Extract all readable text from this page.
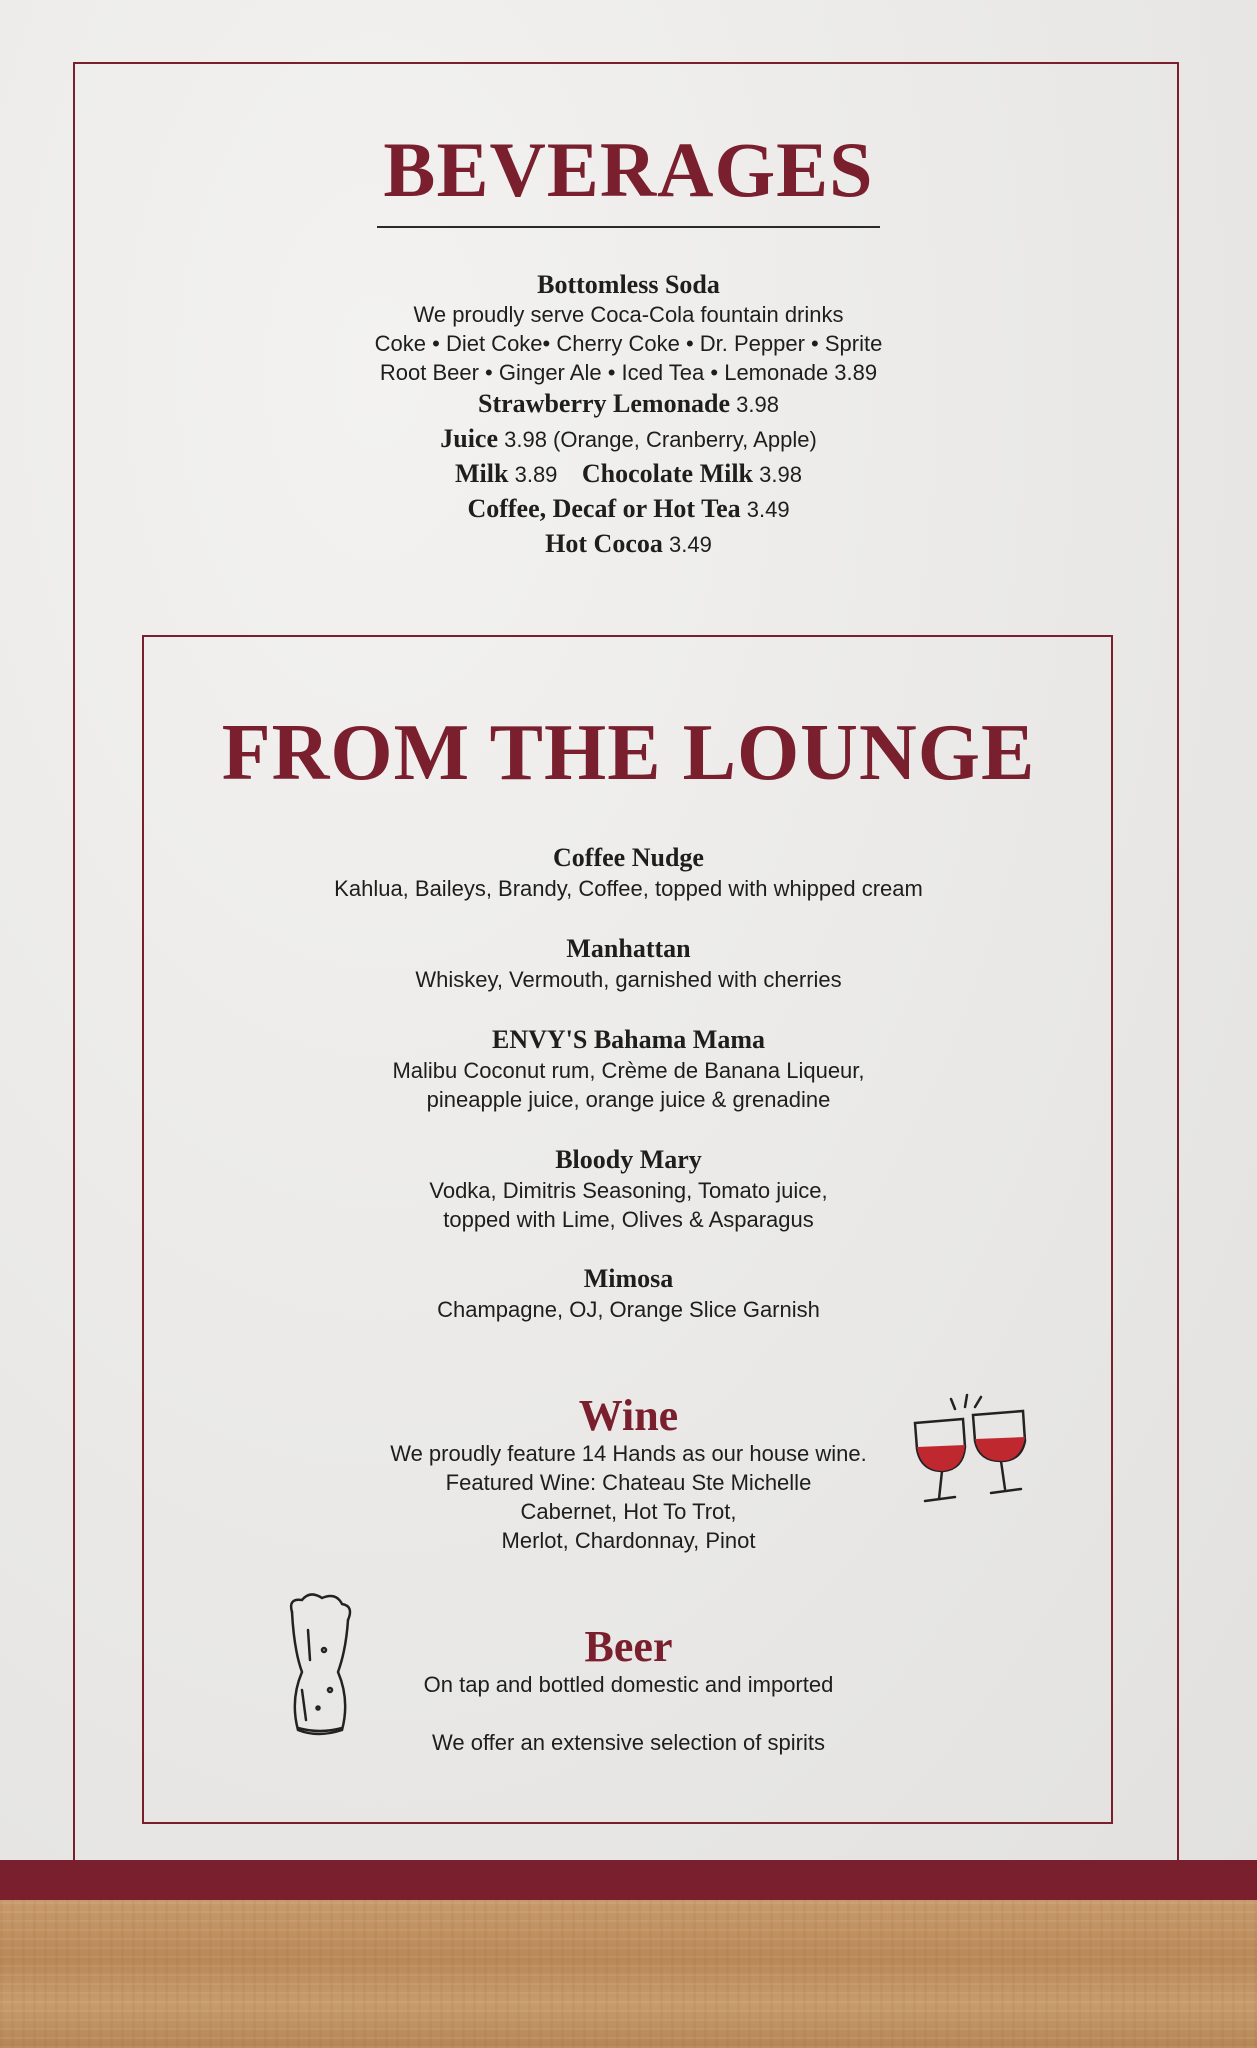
BEVERAGES
Bottomless Soda
We proudly serve Coca-Cola fountain drinks
Coke • Diet Coke• Cherry Coke • Dr. Pepper • Sprite
Root Beer • Ginger Ale • Iced Tea • Lemonade 3.89
Strawberry Lemonade 3.98
Juice 3.98 (Orange, Cranberry, Apple)
Milk 3.89 Chocolate Milk 3.98
Coffee, Decaf or Hot Tea 3.49
Hot Cocoa 3.49
FROM THE LOUNGE
Coffee Nudge
Kahlua, Baileys, Brandy, Coffee, topped with whipped cream
Manhattan
Whiskey, Vermouth, garnished with cherries
ENVY'S Bahama Mama
Malibu Coconut rum, Crème de Banana Liqueur,
pineapple juice, orange juice & grenadine
Bloody Mary
Vodka, Dimitris Seasoning, Tomato juice,
topped with Lime, Olives & Asparagus
Mimosa
Champagne, OJ, Orange Slice Garnish
Wine
We proudly feature 14 Hands as our house wine.
Featured Wine: Chateau Ste Michelle
Cabernet, Hot To Trot,
Merlot, Chardonnay, Pinot
Beer
On tap and bottled domestic and imported
We offer an extensive selection of spirits
